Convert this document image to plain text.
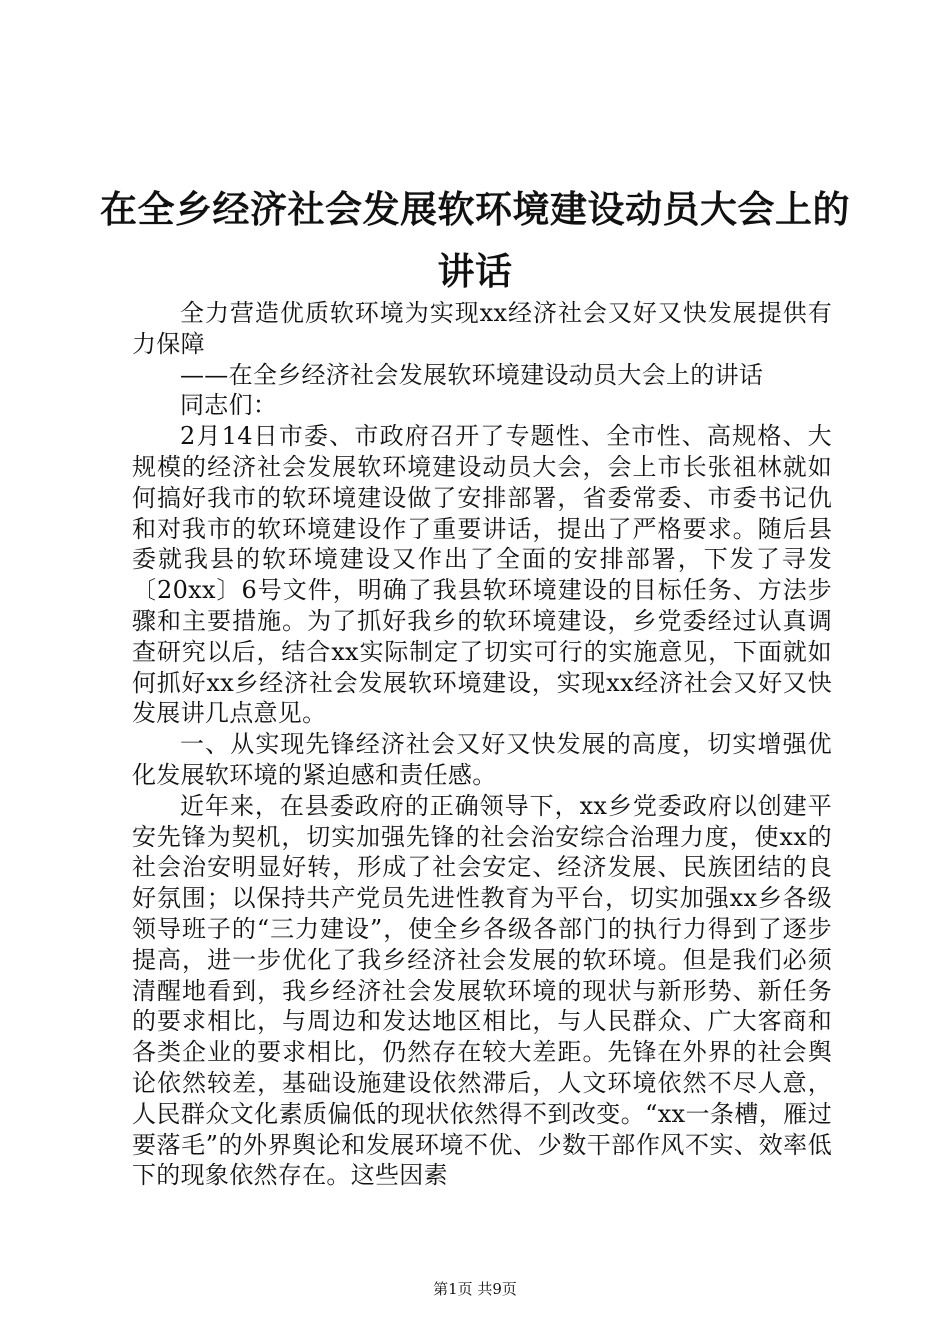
在全乡经济社会发展软环境建设动员大会上的讲话

全力营造优质软环境为实现xx经济社会又好又快发展提供有力保障

——在全乡经济社会发展软环境建设动员大会上的讲话

同志们：

2月14日市委、市政府召开了专题性、全市性、高规格、大规模的经济社会发展软环境建设动员大会，会上市长张祖林就如何搞好我市的软环境建设做了安排部署，省委常委、市委书记仇和对我市的软环境建设作了重要讲话，提出了严格要求。随后县委就我县的软环境建设又作出了全面的安排部署，下发了寻发〔20xx〕6号文件，明确了我县软环境建设的目标任务、方法步骤和主要措施。为了抓好我乡的软环境建设，乡党委经过认真调查研究以后，结合xx实际制定了切实可行的实施意见，下面就如何抓好xx乡经济社会发展软环境建设，实现xx经济社会又好又快发展讲几点意见。

一、从实现先锋经济社会又好又快发展的高度，切实增强优化发展软环境的紧迫感和责任感。

近年来，在县委政府的正确领导下，xx乡党委政府以创建平安先锋为契机，切实加强先锋的社会治安综合治理力度，使xx的社会治安明显好转，形成了社会安定、经济发展、民族团结的良好氛围；以保持共产党员先进性教育为平台，切实加强xx乡各级领导班子的“三力建设”，使全乡各级各部门的执行力得到了逐步提高，进一步优化了我乡经济社会发展的软环境。但是我们必须清醒地看到，我乡经济社会发展软环境的现状与新形势、新任务的要求相比，与周边和发达地区相比，与人民群众、广大客商和各类企业的要求相比，仍然存在较大差距。先锋在外界的社会舆论依然较差，基础设施建设依然滞后，人文环境依然不尽人意，人民群众文化素质偏低的现状依然得不到改变。“xx一条槽，雁过要落毛”的外界舆论和发展环境不优、少数干部作风不实、效率低下的现象依然存在。这些因素

第1页 共9页
